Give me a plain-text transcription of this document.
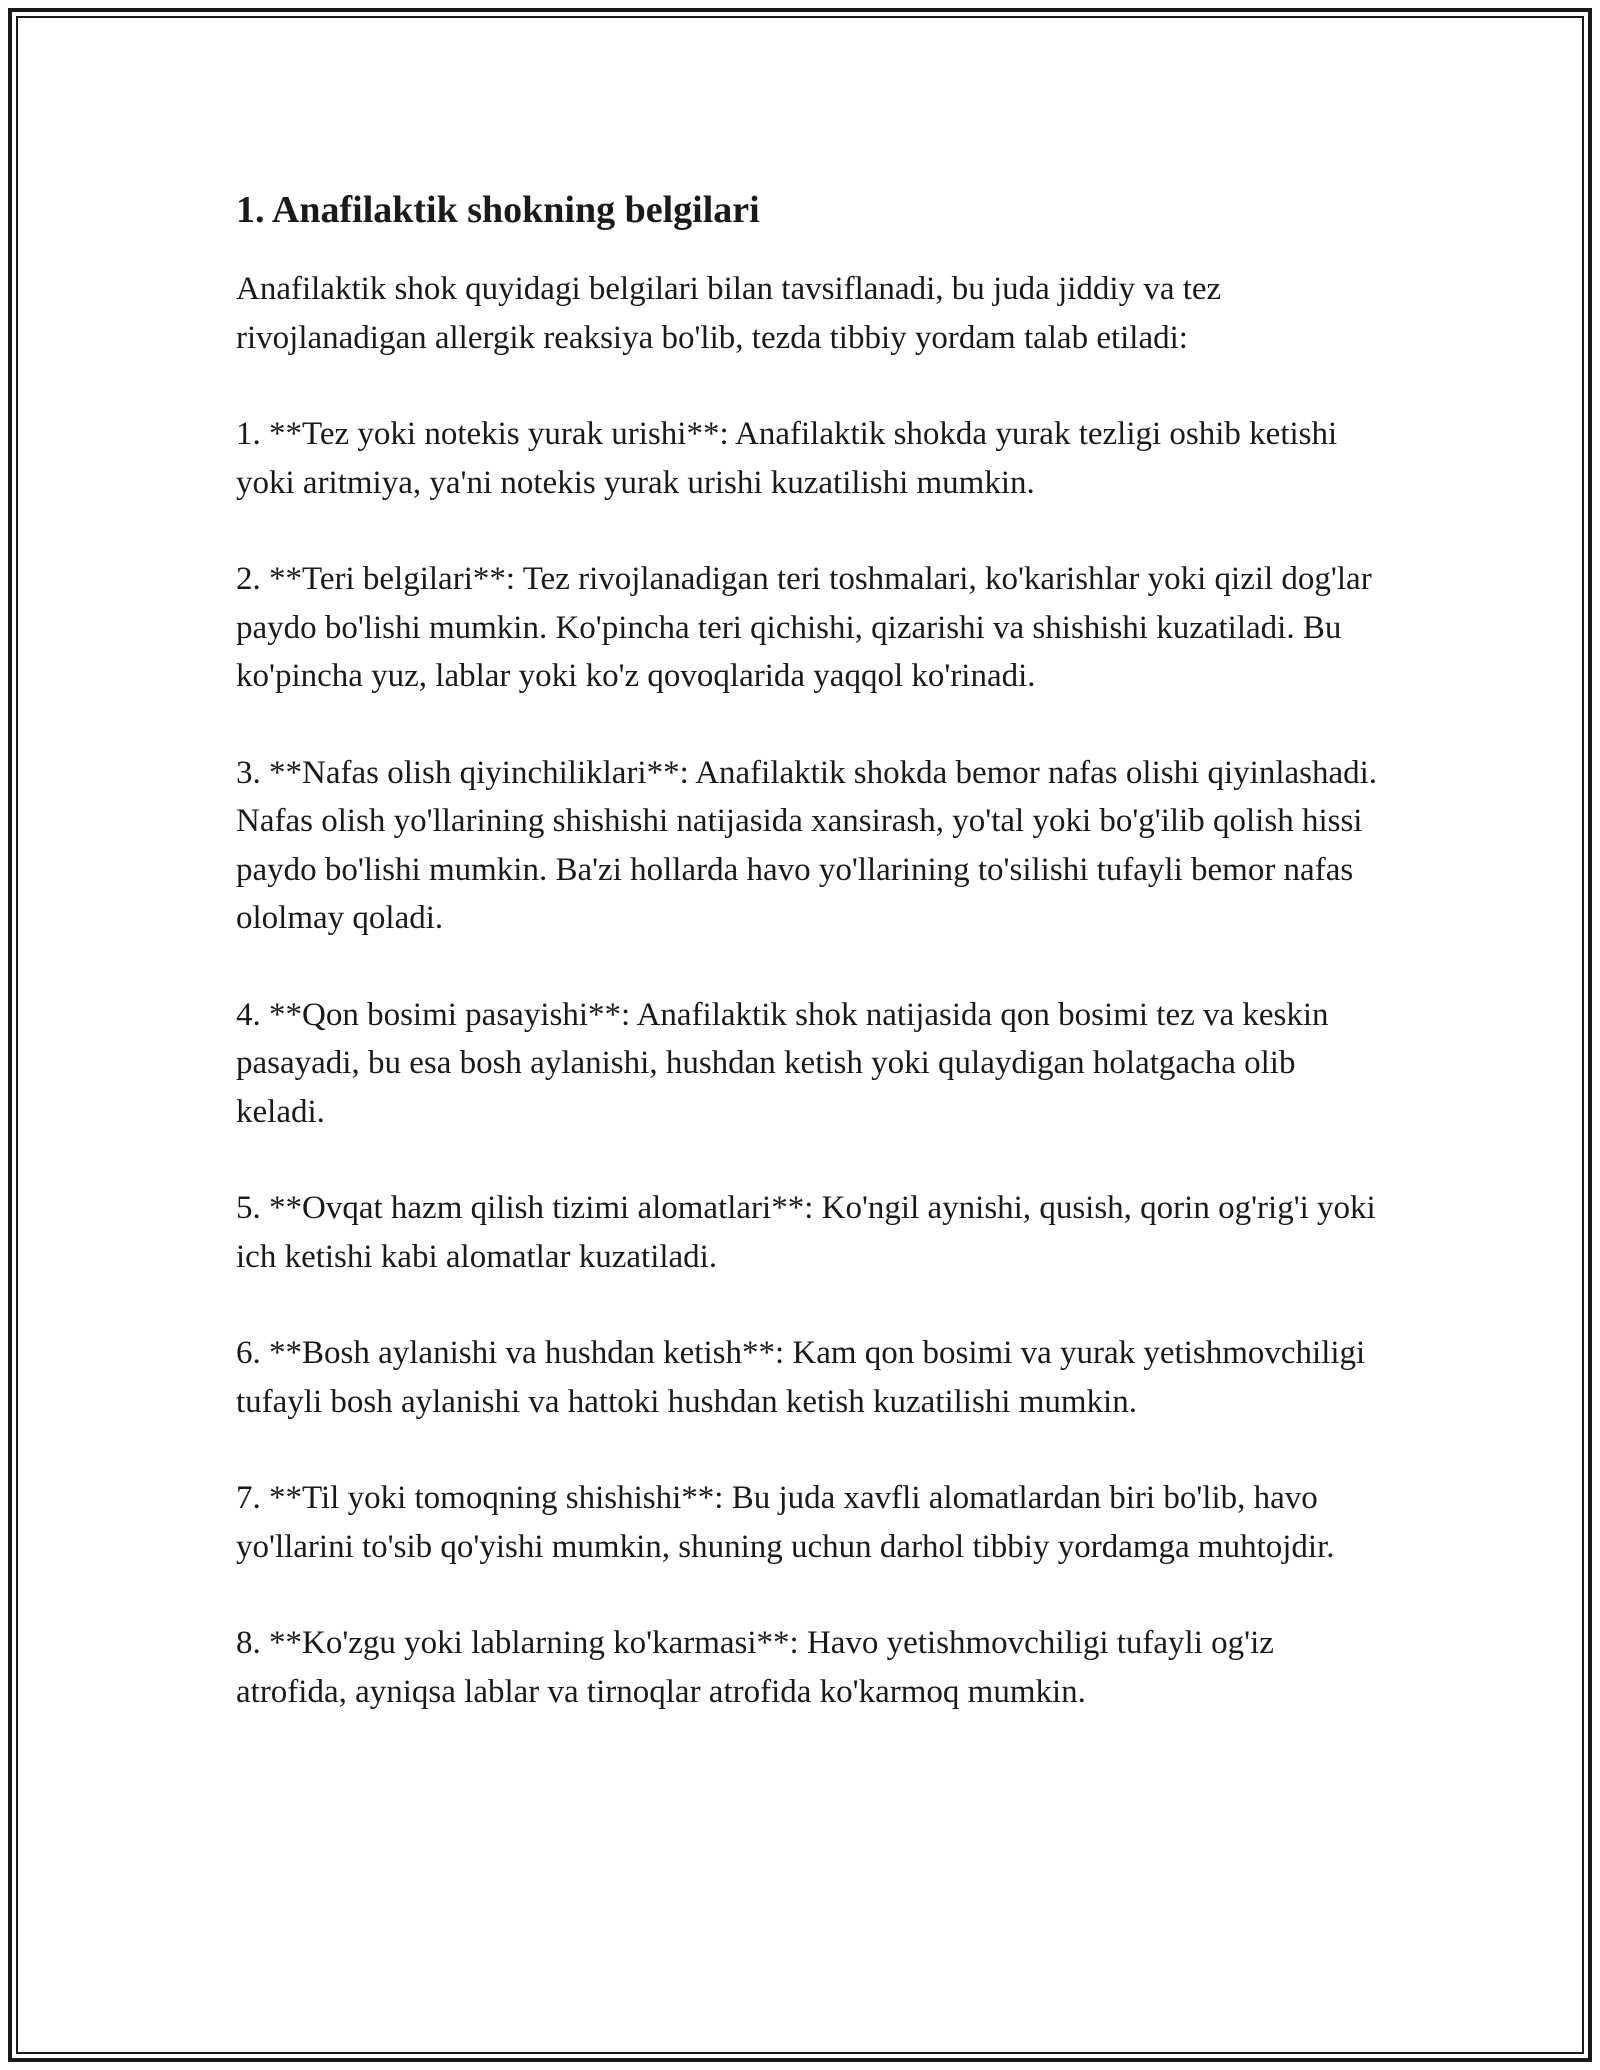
1. Anafilaktik shokning belgilari

Anafilaktik shok quyidagi belgilari bilan tavsiflanadi, bu juda jiddiy va tez rivojlanadigan allergik reaksiya bo'lib, tezda tibbiy yordam talab etiladi:

1. **Tez yoki notekis yurak urishi**: Anafilaktik shokda yurak tezligi oshib ketishi yoki aritmiya, ya'ni notekis yurak urishi kuzatilishi mumkin.

2. **Teri belgilari**: Tez rivojlanadigan teri toshmalari, ko'karishlar yoki qizil dog'lar paydo bo'lishi mumkin. Ko'pincha teri qichishi, qizarishi va shishishi kuzatiladi. Bu ko'pincha yuz, lablar yoki ko'z qovoqlarida yaqqol ko'rinadi.

3. **Nafas olish qiyinchiliklari**: Anafilaktik shokda bemor nafas olishi qiyinlashadi. Nafas olish yo'llarining shishishi natijasida xansirash, yo'tal yoki bo'g'ilib qolish hissi paydo bo'lishi mumkin. Ba'zi hollarda havo yo'llarining to'silishi tufayli bemor nafas ololmay qoladi.

4. **Qon bosimi pasayishi**: Anafilaktik shok natijasida qon bosimi tez va keskin pasayadi, bu esa bosh aylanishi, hushdan ketish yoki qulaydigan holatgacha olib keladi.

5. **Ovqat hazm qilish tizimi alomatlari**: Ko'ngil aynishi, qusish, qorin og'rig'i yoki ich ketishi kabi alomatlar kuzatiladi.

6. **Bosh aylanishi va hushdan ketish**: Kam qon bosimi va yurak yetishmovchiligi tufayli bosh aylanishi va hattoki hushdan ketish kuzatilishi mumkin.

7. **Til yoki tomoqning shishishi**: Bu juda xavfli alomatlardan biri bo'lib, havo yo'llarini to'sib qo'yishi mumkin, shuning uchun darhol tibbiy yordamga muhtojdir.

8. **Ko'zgu yoki lablarning ko'karmasi**: Havo yetishmovchiligi tufayli og'iz atrofida, ayniqsa lablar va tirnoqlar atrofida ko'karmoq mumkin.
